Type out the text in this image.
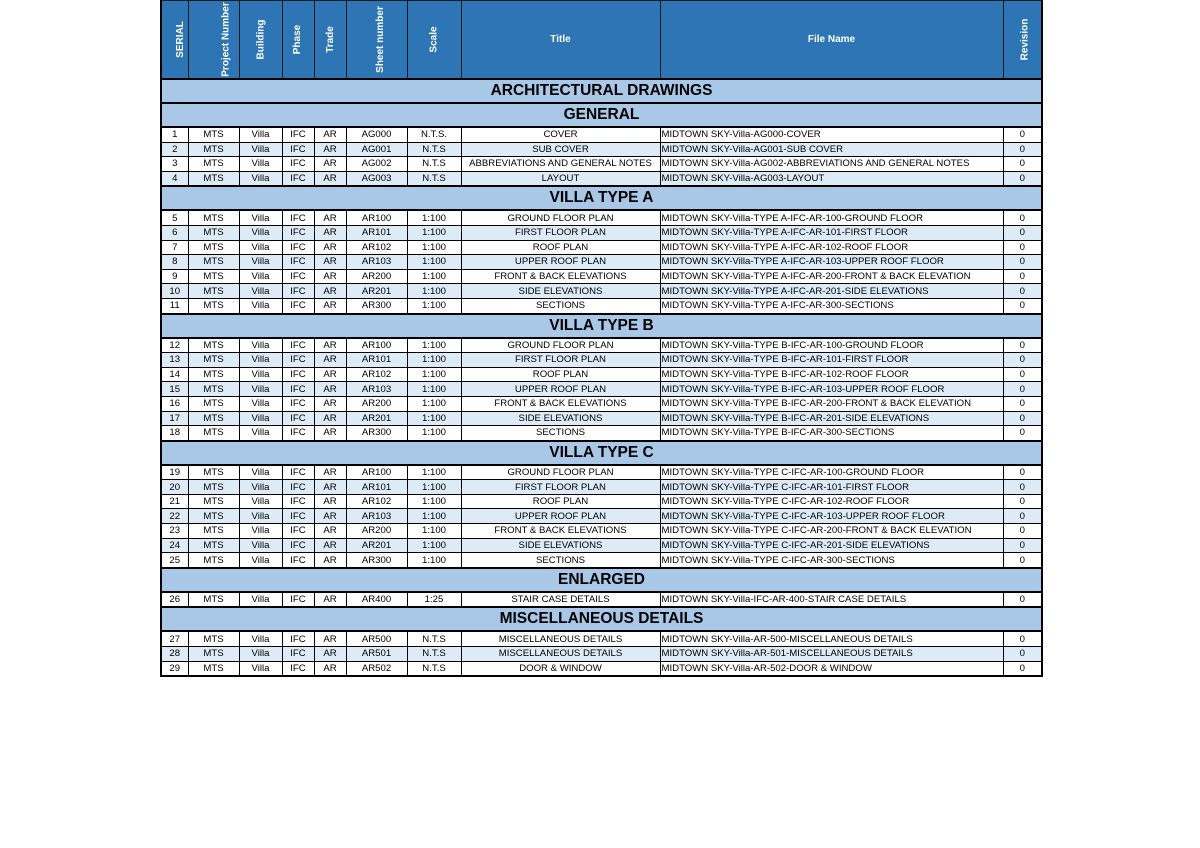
SERIAL	Project Number	Building	Phase	Trade	Sheet number	Scale	Title	File Name	Revision
ARCHITECTURAL DRAWINGS									
GENERAL									
1	MTS	Villa	IFC	AR	AG000	N.T.S.	COVER	MIDTOWN SKY-Villa-AG000-COVER	0
2	MTS	Villa	IFC	AR	AG001	N.T.S	SUB COVER	MIDTOWN SKY-Villa-AG001-SUB COVER	0
3	MTS	Villa	IFC	AR	AG002	N.T.S	ABBREVIATIONS AND GENERAL NOTES	MIDTOWN SKY-Villa-AG002-ABBREVIATIONS AND GENERAL NOTES	0
4	MTS	Villa	IFC	AR	AG003	N.T.S	LAYOUT	MIDTOWN SKY-Villa-AG003-LAYOUT	0
VILLA TYPE A									
5	MTS	Villa	IFC	AR	AR100	1:100	GROUND FLOOR PLAN	MIDTOWN SKY-Villa-TYPE A-IFC-AR-100-GROUND FLOOR	0
6	MTS	Villa	IFC	AR	AR101	1:100	FIRST FLOOR PLAN	MIDTOWN SKY-Villa-TYPE A-IFC-AR-101-FIRST FLOOR	0
7	MTS	Villa	IFC	AR	AR102	1:100	ROOF PLAN	MIDTOWN SKY-Villa-TYPE A-IFC-AR-102-ROOF FLOOR	0
8	MTS	Villa	IFC	AR	AR103	1:100	UPPER ROOF PLAN	MIDTOWN SKY-Villa-TYPE A-IFC-AR-103-UPPER ROOF FLOOR	0
9	MTS	Villa	IFC	AR	AR200	1:100	FRONT & BACK ELEVATIONS	MIDTOWN SKY-Villa-TYPE A-IFC-AR-200-FRONT & BACK ELEVATION	0
10	MTS	Villa	IFC	AR	AR201	1:100	SIDE ELEVATIONS	MIDTOWN SKY-Villa-TYPE A-IFC-AR-201-SIDE ELEVATIONS	0
11	MTS	Villa	IFC	AR	AR300	1:100	SECTIONS	MIDTOWN SKY-Villa-TYPE A-IFC-AR-300-SECTIONS	0
VILLA TYPE B									
12	MTS	Villa	IFC	AR	AR100	1:100	GROUND FLOOR PLAN	MIDTOWN SKY-Villa-TYPE B-IFC-AR-100-GROUND FLOOR	0
13	MTS	Villa	IFC	AR	AR101	1:100	FIRST FLOOR PLAN	MIDTOWN SKY-Villa-TYPE B-IFC-AR-101-FIRST FLOOR	0
14	MTS	Villa	IFC	AR	AR102	1:100	ROOF PLAN	MIDTOWN SKY-Villa-TYPE B-IFC-AR-102-ROOF FLOOR	0
15	MTS	Villa	IFC	AR	AR103	1:100	UPPER ROOF PLAN	MIDTOWN SKY-Villa-TYPE B-IFC-AR-103-UPPER ROOF FLOOR	0
16	MTS	Villa	IFC	AR	AR200	1:100	FRONT & BACK ELEVATIONS	MIDTOWN SKY-Villa-TYPE B-IFC-AR-200-FRONT & BACK ELEVATION	0
17	MTS	Villa	IFC	AR	AR201	1:100	SIDE ELEVATIONS	MIDTOWN SKY-Villa-TYPE B-IFC-AR-201-SIDE ELEVATIONS	0
18	MTS	Villa	IFC	AR	AR300	1:100	SECTIONS	MIDTOWN SKY-Villa-TYPE B-IFC-AR-300-SECTIONS	0
VILLA TYPE C									
19	MTS	Villa	IFC	AR	AR100	1:100	GROUND FLOOR PLAN	MIDTOWN SKY-Villa-TYPE C-IFC-AR-100-GROUND FLOOR	0
20	MTS	Villa	IFC	AR	AR101	1:100	FIRST FLOOR PLAN	MIDTOWN SKY-Villa-TYPE C-IFC-AR-101-FIRST FLOOR	0
21	MTS	Villa	IFC	AR	AR102	1:100	ROOF PLAN	MIDTOWN SKY-Villa-TYPE C-IFC-AR-102-ROOF FLOOR	0
22	MTS	Villa	IFC	AR	AR103	1:100	UPPER ROOF PLAN	MIDTOWN SKY-Villa-TYPE C-IFC-AR-103-UPPER ROOF FLOOR	0
23	MTS	Villa	IFC	AR	AR200	1:100	FRONT & BACK ELEVATIONS	MIDTOWN SKY-Villa-TYPE C-IFC-AR-200-FRONT & BACK ELEVATION	0
24	MTS	Villa	IFC	AR	AR201	1:100	SIDE ELEVATIONS	MIDTOWN SKY-Villa-TYPE C-IFC-AR-201-SIDE ELEVATIONS	0
25	MTS	Villa	IFC	AR	AR300	1:100	SECTIONS	MIDTOWN SKY-Villa-TYPE C-IFC-AR-300-SECTIONS	0
ENLARGED									
26	MTS	Villa	IFC	AR	AR400	1:25	STAIR CASE DETAILS	MIDTOWN SKY-Villa-IFC-AR-400-STAIR CASE DETAILS	0
MISCELLANEOUS DETAILS									
27	MTS	Villa	IFC	AR	AR500	N.T.S	MISCELLANEOUS DETAILS	MIDTOWN SKY-Villa-AR-500-MISCELLANEOUS DETAILS	0
28	MTS	Villa	IFC	AR	AR501	N.T.S	MISCELLANEOUS DETAILS	MIDTOWN SKY-Villa-AR-501-MISCELLANEOUS DETAILS	0
29	MTS	Villa	IFC	AR	AR502	N.T.S	DOOR & WINDOW	MIDTOWN SKY-Villa-AR-502-DOOR & WINDOW	0
